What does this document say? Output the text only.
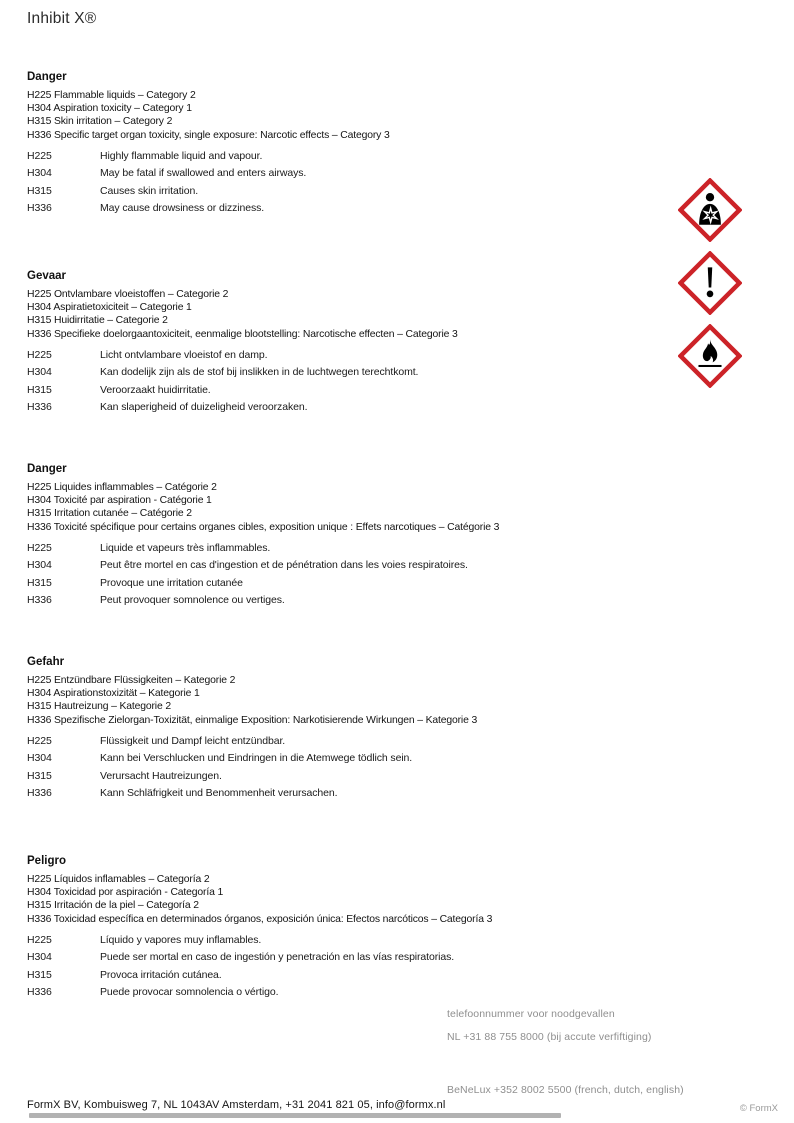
Inhibit X®
Danger

H225 Flammable liquids – Category 2

H304 Aspiration toxicity – Category 1

H315 Skin irritation – Category 2

H336 Specific target organ toxicity, single exposure: Narcotic effects – Category 3

H225	Highly flammable liquid and vapour.
H304	May be fatal if swallowed and enters airways.
H315	Causes skin irritation.
H336	May cause drowsiness or dizziness.
Gevaar

H225 Ontvlambare vloeistoffen – Categorie 2

H304 Aspiratietoxiciteit – Categorie 1

H315 Huidirritatie – Categorie 2

H336 Specifieke doelorgaantoxiciteit, eenmalige blootstelling: Narcotische effecten – Categorie 3

H225	Licht ontvlambare vloeistof en damp.
H304	Kan dodelijk zijn als de stof bij inslikken in de luchtwegen terechtkomt.
H315	Veroorzaakt huidirritatie.
H336	Kan slaperigheid of duizeligheid veroorzaken.
Danger

H225 Liquides inflammables – Catégorie 2

H304 Toxicité par aspiration - Catégorie 1

H315 Irritation cutanée – Catégorie 2

H336 Toxicité spécifique pour certains organes cibles, exposition unique : Effets narcotiques – Catégorie 3

H225	Liquide et vapeurs très inflammables.
H304	Peut être mortel en cas d'ingestion et de pénétration dans les voies respiratoires.
H315	Provoque une irritation cutanée
H336	Peut provoquer somnolence ou vertiges.
Gefahr

H225 Entzündbare Flüssigkeiten – Kategorie 2

H304 Aspirationstoxizität – Kategorie 1

H315 Hautreizung – Kategorie 2

H336 Spezifische Zielorgan-Toxizität, einmalige Exposition: Narkotisierende Wirkungen – Kategorie 3

H225	Flüssigkeit und Dampf leicht entzündbar.
H304	Kann bei Verschlucken und Eindringen in die Atemwege tödlich sein.
H315	Verursacht Hautreizungen.
H336	Kann Schläfrigkeit und Benommenheit verursachen.
Peligro

H225 Líquidos inflamables – Categoría 2

H304 Toxicidad por aspiración - Categoría 1

H315 Irritación de la piel – Categoría 2

H336 Toxicidad específica en determinados órganos, exposición única: Efectos narcóticos – Categoría 3

H225	Líquido y vapores muy inflamables.
H304	Puede ser mortal en caso de ingestión y penetración en las vías respiratorias.
H315	Provoca irritación cutánea.
H336	Puede provocar somnolencia o vértigo.
telefoonnummer voor noodgevallen
NL +31 88 755 8000 (bij accute verfiftiging)
BeNeLux +352 8002 5500 (french, dutch, english)
FormX BV, Kombuisweg 7, NL 1043AV Amsterdam, +31 2041 821 05, info@formx.nl	© FormX
